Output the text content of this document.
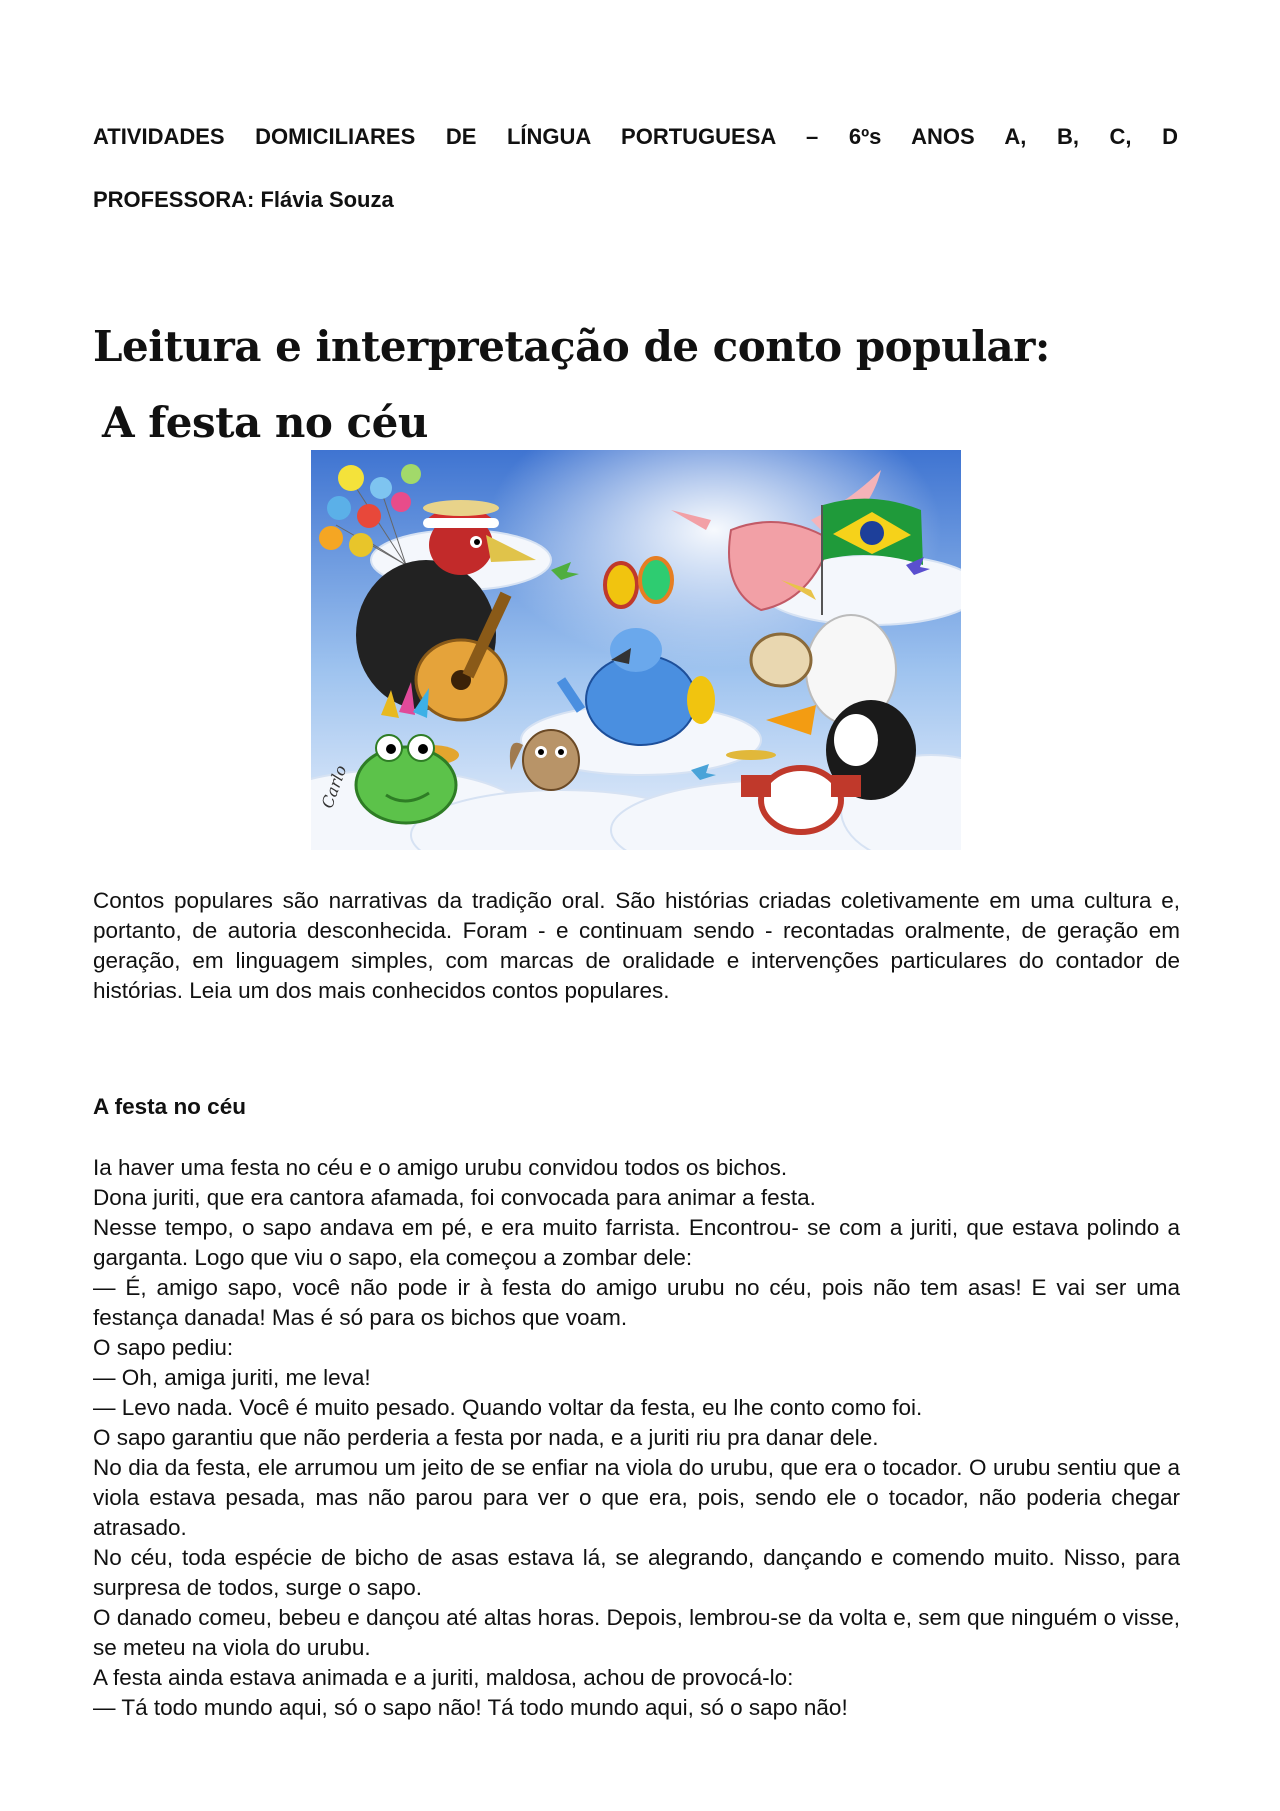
ATIVIDADES DOMICILIARES DE LÍNGUA PORTUGUESA – 6ºs ANOS A, B, C, D
PROFESSORA: Flávia Souza
Leitura e interpretação de conto popular:
A festa no céu
Carlo
Contos populares são narrativas da tradição oral. São histórias criadas coletivamente em uma cultura e, portanto, de autoria desconhecida. Foram - e continuam sendo - recontadas oralmente, de geração em geração, em linguagem simples, com marcas de oralidade e intervenções particulares do contador de histórias. Leia um dos mais conhecidos contos populares.
A festa no céu

Ia haver uma festa no céu e o amigo urubu convidou todos os bichos.

Dona juriti, que era cantora afamada, foi convocada para animar a festa.

Nesse tempo, o sapo andava em pé, e era muito farrista. Encontrou- se com a juriti, que estava polindo a garganta. Logo que viu o sapo, ela começou a zombar dele:

— É, amigo sapo, você não pode ir à festa do amigo urubu no céu, pois não tem asas! E vai ser uma festança danada! Mas é só para os bichos que voam.

O sapo pediu:

— Oh, amiga juriti, me leva!

— Levo nada. Você é muito pesado. Quando voltar da festa, eu lhe conto como foi.

O sapo garantiu que não perderia a festa por nada, e a juriti riu pra danar dele.

No dia da festa, ele arrumou um jeito de se enfiar na viola do urubu, que era o tocador. O urubu sentiu que a viola estava pesada, mas não parou para ver o que era, pois, sendo ele o tocador, não poderia chegar atrasado.

No céu, toda espécie de bicho de asas estava lá, se alegrando, dançando e comendo muito. Nisso, para surpresa de todos, surge o sapo.

O danado comeu, bebeu e dançou até altas horas. Depois, lembrou-se da volta e, sem que ninguém o visse, se meteu na viola do urubu.

A festa ainda estava animada e a juriti, maldosa, achou de provocá-lo:

— Tá todo mundo aqui, só o sapo não! Tá todo mundo aqui, só o sapo não!
